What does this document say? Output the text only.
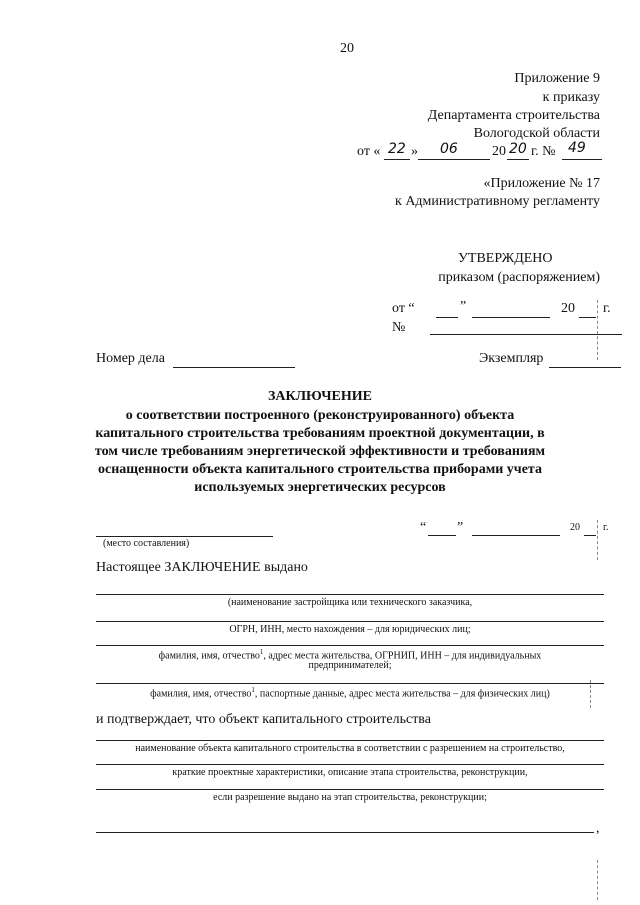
20
Приложение 9
к приказу
Департамента строительства
Вологодской области
от « 22 » 06 20 20 г. № 49
«Приложение № 17
к Административному регламенту
УТВЕРЖДЕНО
приказом (распоряжением)
от “	”	20 г.
№
Номер дела	Экземпляр
ЗАКЛЮЧЕНИЕ
о соответствии построенного (реконструированного) объекта
капитального строительства требованиям проектной документации, в
том числе требованиям энергетической эффективности и требованиям
оснащенности объекта капитального строительства приборами учета
используемых энергетических ресурсов
(место составления)
“ ”	20 г.
Настоящее ЗАКЛЮЧЕНИЕ выдано
(наименование застройщика или технического заказчика,
ОГРН, ИНН, место нахождения – для юридических лиц;
фамилия, имя, отчество$^1$, адрес места жительства, ОГРНИП, ИНН – для индивидуальных
предпринимателей;
фамилия, имя, отчество$^1$, паспортные данные, адрес места жительства – для физических лиц)
и подтверждает, что объект капитального строительства
наименование объекта капитального строительства в соответствии с разрешением на строительство,
краткие проектные характеристики, описание этапа строительства, реконструкции,
если разрешение выдано на этап строительства, реконструкции;
,
